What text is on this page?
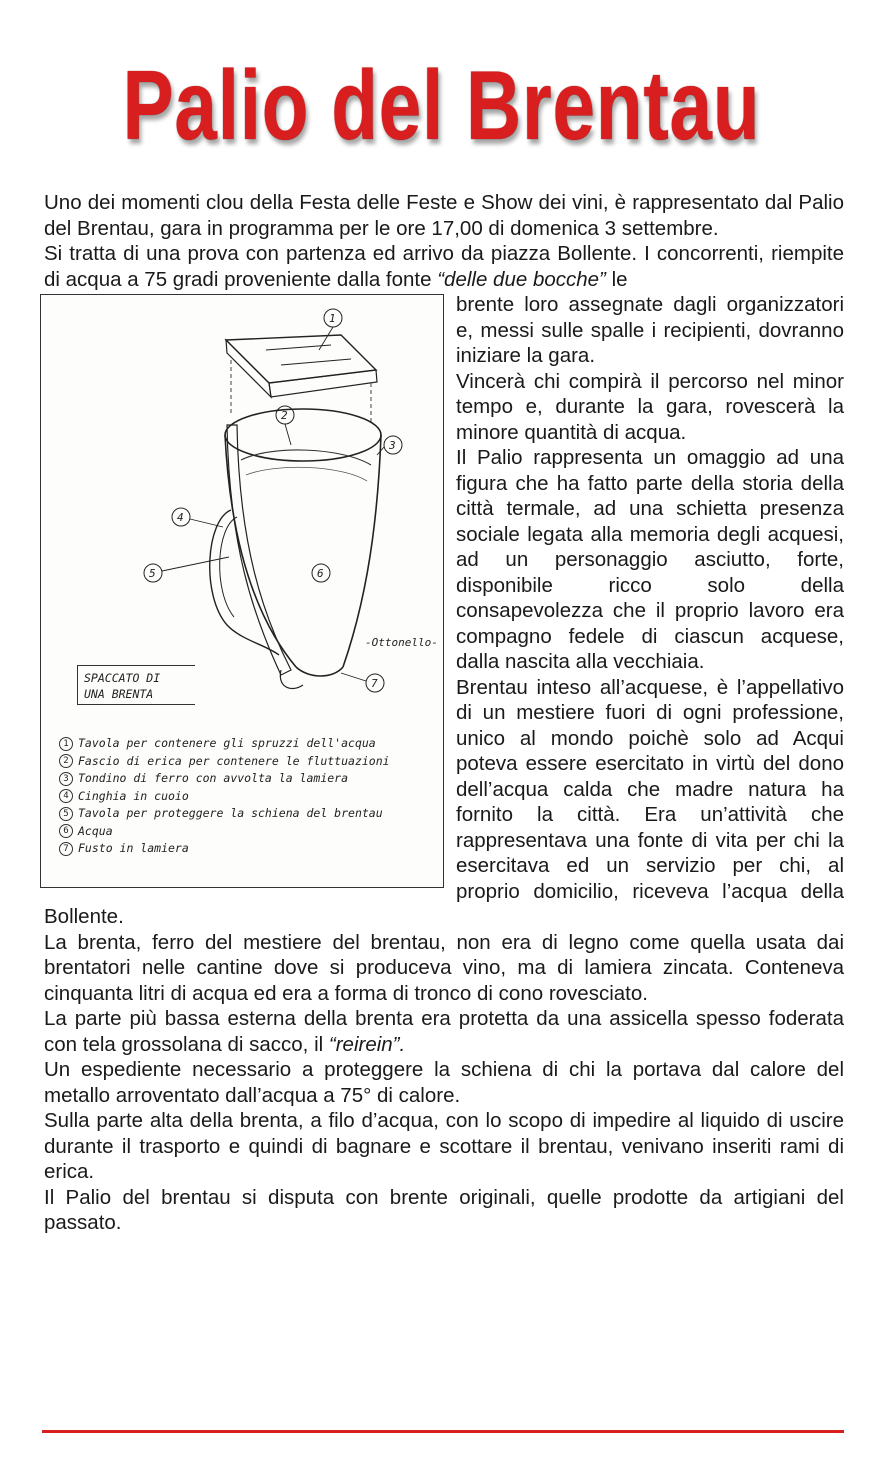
Palio del Brentau

Uno dei momenti clou della Festa delle Feste e Show dei vini, è rappresentato dal Palio del Brentau, gara in programma per le ore 17,00 di domenica 3 settembre.

Si tratta di una prova con partenza ed arrivo da piazza Bollente. I concorrenti, riempite di acqua a 75 gradi proveniente dalla fonte “delle due bocche” le

1
2
3
4
5	6
7
-Ottonello-
SPACCATO DI
UNA BRENTA
1 Tavola per contenere gli spruzzi dell'acqua
2 Fascio di erica per contenere le fluttuazioni
3 Tondino di ferro con avvolta la lamiera
4 Cinghia in cuoio
5 Tavola per proteggere la schiena del brentau
6 Acqua
7 Fusto in lamiera

brente loro assegnate dagli organizzatori e, messi sulle spalle i recipienti, dovranno iniziare la gara.

Vincerà chi compirà il percorso nel minor tempo e, durante la gara, rovescerà la minore quantità di acqua.

Il Palio rappresenta un omaggio ad una figura che ha fatto parte della storia della città termale, ad una schietta presenza sociale legata alla memoria degli acquesi, ad un personaggio asciutto, forte, disponibile ricco solo della consapevolezza che il proprio lavoro era compagno fedele di ciascun acquese, dalla nascita alla vecchiaia.

Brentau inteso all’acquese, è l’appellativo di un mestiere fuori di ogni professione, unico al mondo poichè solo ad Acqui poteva essere esercitato in virtù del dono dell’acqua calda che madre natura ha fornito la città. Era un’attività che rappresentava una fonte di vita per chi la esercitava ed un servizio per chi, al proprio domicilio, riceveva l’acqua della Bollente.

La brenta, ferro del mestiere del brentau, non era di legno come quella usata dai brentatori nelle cantine dove si produceva vino, ma di lamiera zincata. Conteneva cinquanta litri di acqua ed era a forma di tronco di cono rovesciato.

La parte più bassa esterna della brenta era protetta da una assicella spesso foderata con tela grossolana di sacco, il “reirein”.

Un espediente necessario a proteggere la schiena di chi la portava dal calore del metallo arroventato dall’acqua a 75° di calore.

Sulla parte alta della brenta, a filo d’acqua, con lo scopo di impedire al liquido di uscire durante il trasporto e quindi di bagnare e scottare il brentau, venivano inseriti rami di erica.

Il Palio del brentau si disputa con brente originali, quelle prodotte da artigiani del passato.
